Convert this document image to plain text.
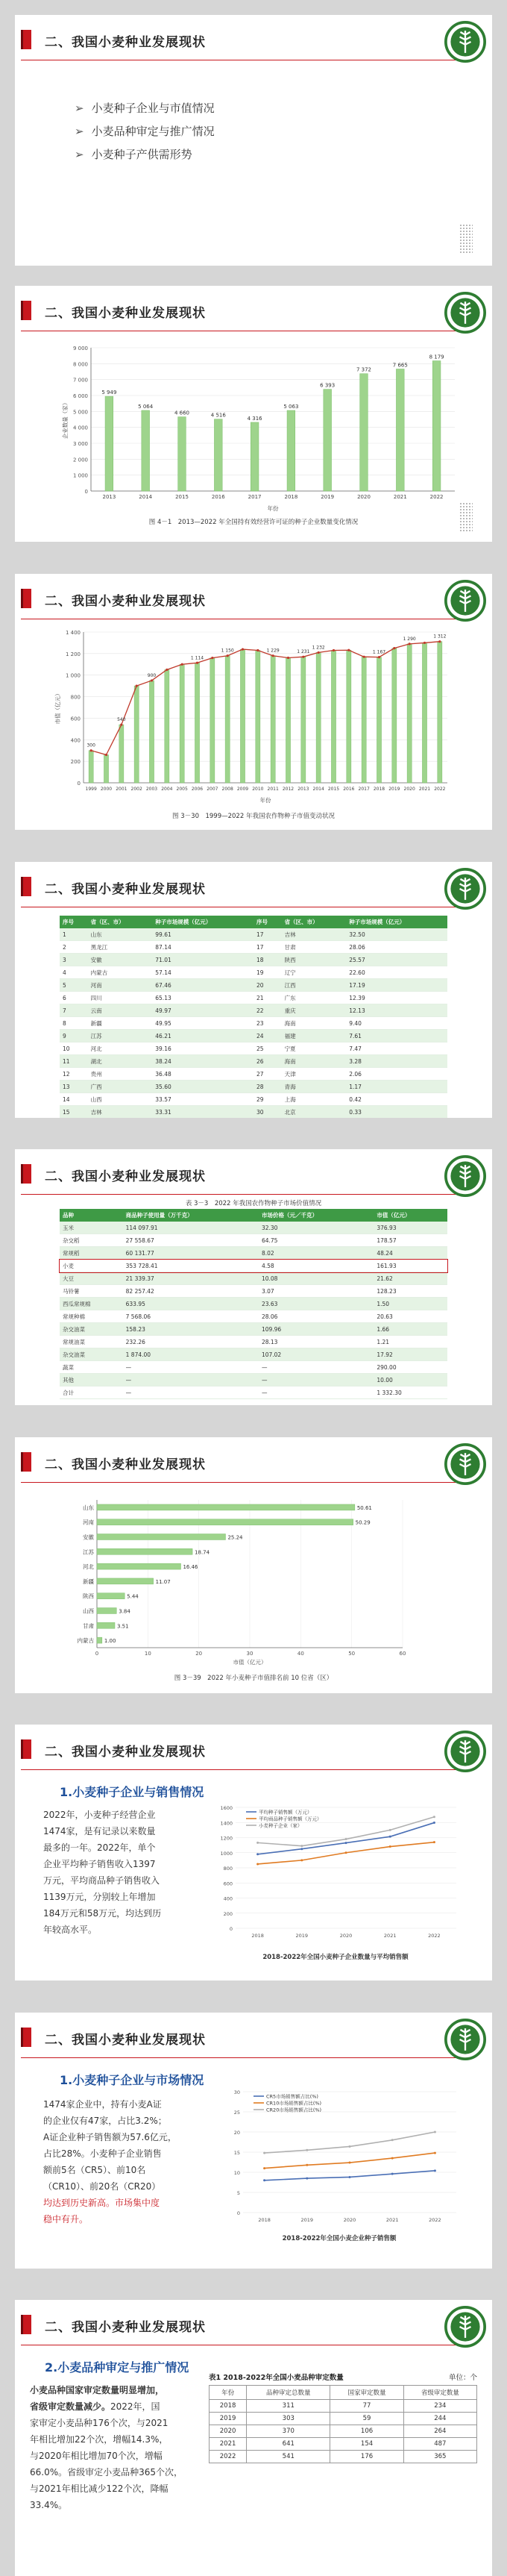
二、我国小麦种业发展现状
➢ 小麦种子企业与市值情况
➢ 小麦品种审定与推广情况
➢ 小麦种子产供需形势
二、我国小麦种业发展现状
0
1 000
2 000
3 000
4 000
5 000
6 000
7 000
8 000
9 000
2013
5 949
2014
5 064
2015
4 660
2016
4 516
2017
4 316
2018
5 063
2019
6 393
2020
7 372
2021
7 665
2022
8 179
年份
企业数量（家）
图 4－1　2013—2022 年全国持有效经营许可证的种子企业数量变化情况
二、我国小麦种业发展现状
0
200
400
600
800
1 000
1 200
1 400
1999 2000 2001 2002 2003 2004 2005 2006 2007 2008 2009 2010 2011 2012 2013 2014 2015 2016 2017 2018 2019 2020 2021 2022
300
540
900
1 114
1 150	1 229	1 231
1 232
1 167
1 290	1 312
年份
市值（亿元）
图 3－30　1999—2022 年我国农作物种子市值变动状况
二、我国小麦种业发展现状
序号	省（区、市）	种子市场规模（亿元）	序号	省（区、市）	种子市场规模（亿元）
1	山东	99.61	17	吉林	32.50
2	黑龙江	87.14	17	甘肃	28.06
3	安徽	71.01	18	陕西	25.57
4	内蒙古	57.14	19	辽宁	22.60
5	河南	67.46	20	江西	17.19
6	四川	65.13	21	广东	12.39
7	云南	49.97	22	重庆	12.13
8	新疆	49.95	23	海南	9.40
9	江苏	46.21	24	福建	7.61
10	河北	39.16	25	宁夏	7.47
11	湖北	38.24	26	海南	3.28
12	贵州	36.48	27	天津	2.06
13	广西	35.60	28	青海	1.17
14	山西	33.57	29	上海	0.42
15	吉林	33.31	30	北京	0.33
二、我国小麦种业发展现状
表 3－3　2022 年我国农作物种子市场价值情况
品种	商品种子使用量（万千克）	市场价格（元／千克）	市值（亿元）
玉米	114 097.91	32.30	376.93
杂交稻	27 558.67	64.75	178.57
常规稻	60 131.77	8.02	48.24
小麦	353 728.41	4.58	161.93
大豆	21 339.37	10.08	21.62
马铃薯	82 257.42	3.07	128.23
西瓜常规棉	633.95	23.63	1.50
常规种棉	7 568.06	28.06	20.63
杂交油菜	158.23	109.96	1.66
常规油菜	232.26	28.13	1.21
杂交油菜	1 874.00	107.02	17.92
蔬菜	—	—	290.00
其他	—	—	10.00
合计	—	—	1 332.30
二、我国小麦种业发展现状
0	10	20	30	40	50	60
山东	50.61
河南	50.29
安徽	25.24
江苏	18.74
河北	16.46
新疆	11.07
陕西	5.44
山西	3.84
甘肃	3.51
内蒙古 1.00
市值（亿元）
图 3－39　2022 年小麦种子市值排名前 10 位省（区）
二、我国小麦种业发展现状
1.小麦种子企业与销售情况
2022年，小麦种子经营企业
1474家，是有记录以来数量
最多的一年。2022年，单个
企业平均种子销售收入1397
万元，平均商品种子销售收入
1139万元，分别较上年增加
184万元和58万元，均达到历
年较高水平。	0
200
400
600
800
1000
1200
1400
1600
2018	2019	2020	2021	2022
平均种子销售额（万元）
平均商品种子销售额（万元）
小麦种子企业（家）
2018-2022年全国小麦种子企业数量与平均销售额
二、我国小麦种业发展现状
1.小麦种子企业与市场情况
1474家企业中，持有小麦A证
的企业仅有47家，占比3.2%；
A证企业种子销售额为57.6亿元，
占比28%。小麦种子企业销售
额前5名（CR5）、前10名
（CR10）、前20名（CR20）
均达到历史新高。市场集中度
稳中有升。
0
5
10
15
20
25
30
2018	2019	2020	2021	2022
CR5市场销售额占比(%)
CR10市场销售额占比(%)
CR20市场销售额占比(%)
2018-2022年全国小麦企业种子销售额
二、我国小麦种业发展现状
2.小麦品种审定与推广情况
小麦品种国家审定数量明显增加，
省级审定数量减少。2022年，国
家审定小麦品种176个次，与2021
年相比增加22个次，增幅14.3%，
与2020年相比增加70个次，增幅
66.0%。省级审定小麦品种365个次，
与2021年相比减少122个次，降幅
33.4%。
表1 2018-2022年全国小麦品种审定数量	单位：个
年份	品种审定总数量	国家审定数量	省级审定数量
2018	311	77	234
2019	303	59	244
2020	370	106	264
2021	641	154	487
2022	541	176	365
